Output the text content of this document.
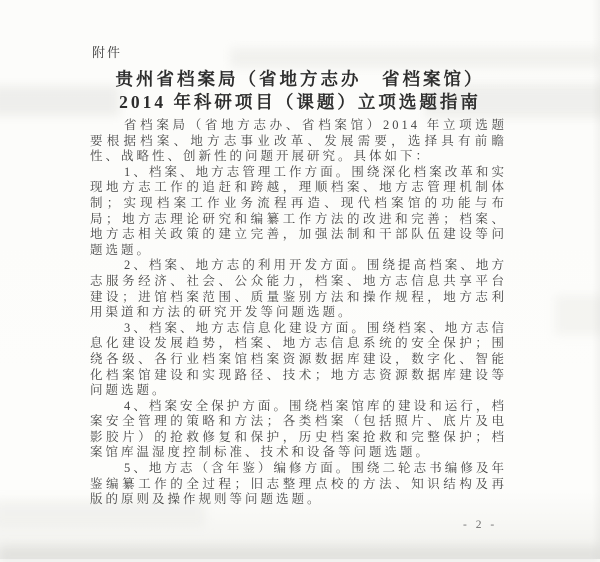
附件
贵州省档案局（省地方志办　省档案馆）
2014 年科研项目（课题）立项选题指南

省档案局（省地方志办、省档案馆）2014 年立项选题要根据档案、地方志事业改革、发展需要，选择具有前瞻性、战略性、创新性的问题开展研究。具体如下：

1、档案、地方志管理工作方面。围绕深化档案改革和实现地方志工作的追赶和跨越，理顺档案、地方志管理机制体制；实现档案工作业务流程再造、现代档案馆的功能与布局；地方志理论研究和编纂工作方法的改进和完善；档案、地方志相关政策的建立完善，加强法制和干部队伍建设等问题选题。

2、档案、地方志的利用开发方面。围绕提高档案、地方志服务经济、社会、公众能力，档案、地方志信息共享平台建设；进馆档案范围、质量鉴别方法和操作规程，地方志利用渠道和方法的研究开发等问题选题。

3、档案、地方志信息化建设方面。围绕档案、地方志信息化建设发展趋势，档案、地方志信息系统的安全保护；围绕各级、各行业档案馆档案资源数据库建设，数字化、智能化档案馆建设和实现路径、技术；地方志资源数据库建设等问题选题。

4、档案安全保护方面。围绕档案馆库的建设和运行，档案安全管理的策略和方法；各类档案（包括照片、底片及电影胶片）的抢救修复和保护，历史档案抢救和完整保护；档案馆库温湿度控制标准、技术和设备等问题选题。

5、地方志（含年鉴）编修方面。围绕二轮志书编修及年鉴编纂工作的全过程；旧志整理点校的方法、知识结构及再版的原则及操作规则等问题选题。

- 2 -
